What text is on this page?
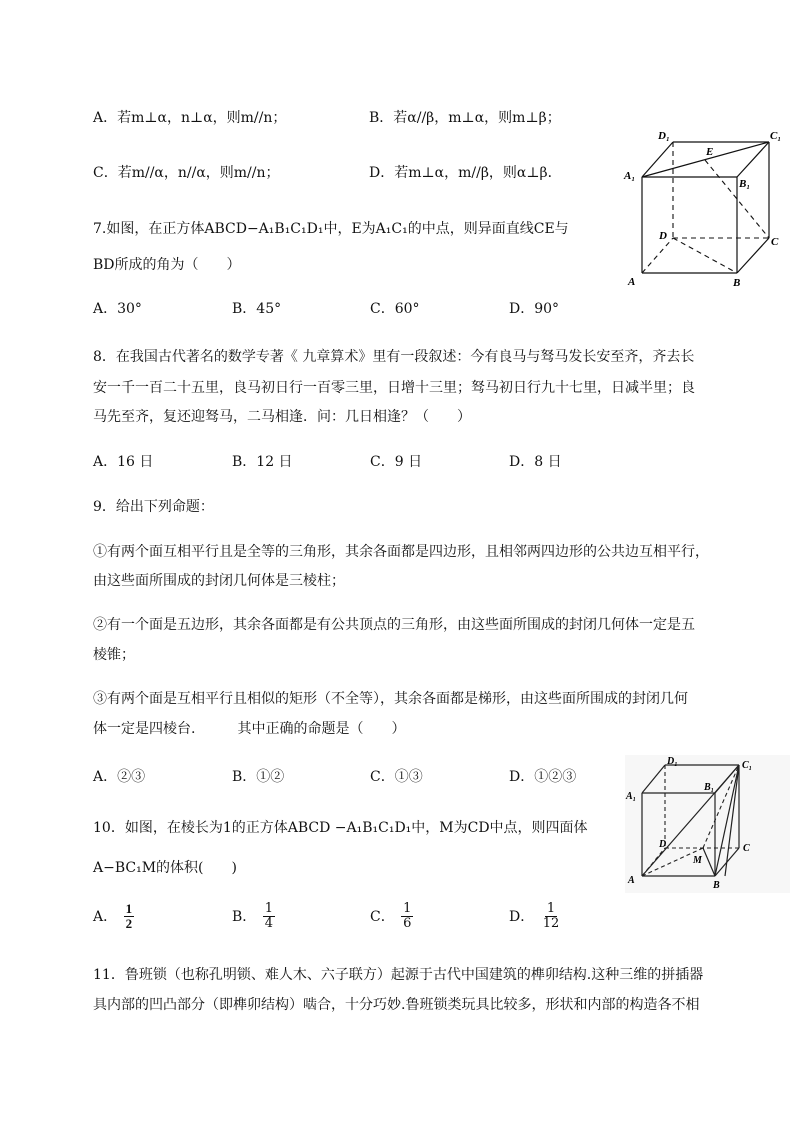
A．若m⊥α，n⊥α，则m//n；	B．若α//β，m⊥α，则m⊥β；
C．若m//α，n//α，则m//n；	D．若m⊥α，m//β，则α⊥β．
7.如图，在正方体ABCD−A₁B₁C₁D₁中，E为A₁C₁的中点，则异面直线CE与
BD所成的角为（　　）
A．30°	B．45°	C．60°	D．90°
D₁	C₁
E
A₁
B₁
D	C
A	B
8．在我国古代著名的数学专著《 九章算术》里有一段叙述：今有良马与驽马发长安至齐，齐去长
安一千一百二十五里，良马初日行一百零三里，日增十三里；驽马初日行九十七里，日减半里；良
马先至齐，复还迎驽马，二马相逢．问：几日相逢？（　　）
A．16 日	B．12 日	C．9 日	D．8 日
9．给出下列命题：
①有两个面互相平行且是全等的三角形，其余各面都是四边形，且相邻两四边形的公共边互相平行，
由这些面所围成的封闭几何体是三棱柱；
②有一个面是五边形，其余各面都是有公共顶点的三角形，由这些面所围成的封闭几何体一定是五
棱锥；
③有两个面是互相平行且相似的矩形（不全等），其余各面都是梯形，由这些面所围成的封闭几何
体一定是四棱台.　　　其中正确的命题是（　　）
A．②③	B．①②	C．①③	D．①②③
D₁	C₁
A₁
B₁
D	C
M
A	B
10．如图，在棱长为1的正方体ABCD −A₁B₁C₁D₁中，M为CD中点，则四面体
A−BC₁M的体积(　　)
A． $\frac{1}{2}$	B． $\frac{1}{4}$	C． $\frac{1}{6}$	D． $\frac{1}{12}$
11．鲁班锁（也称孔明锁、难人木、六子联方）起源于古代中国建筑的榫卯结构.这种三维的拼插器
具内部的凹凸部分（即榫卯结构）啮合，十分巧妙.鲁班锁类玩具比较多，形状和内部的构造各不相
